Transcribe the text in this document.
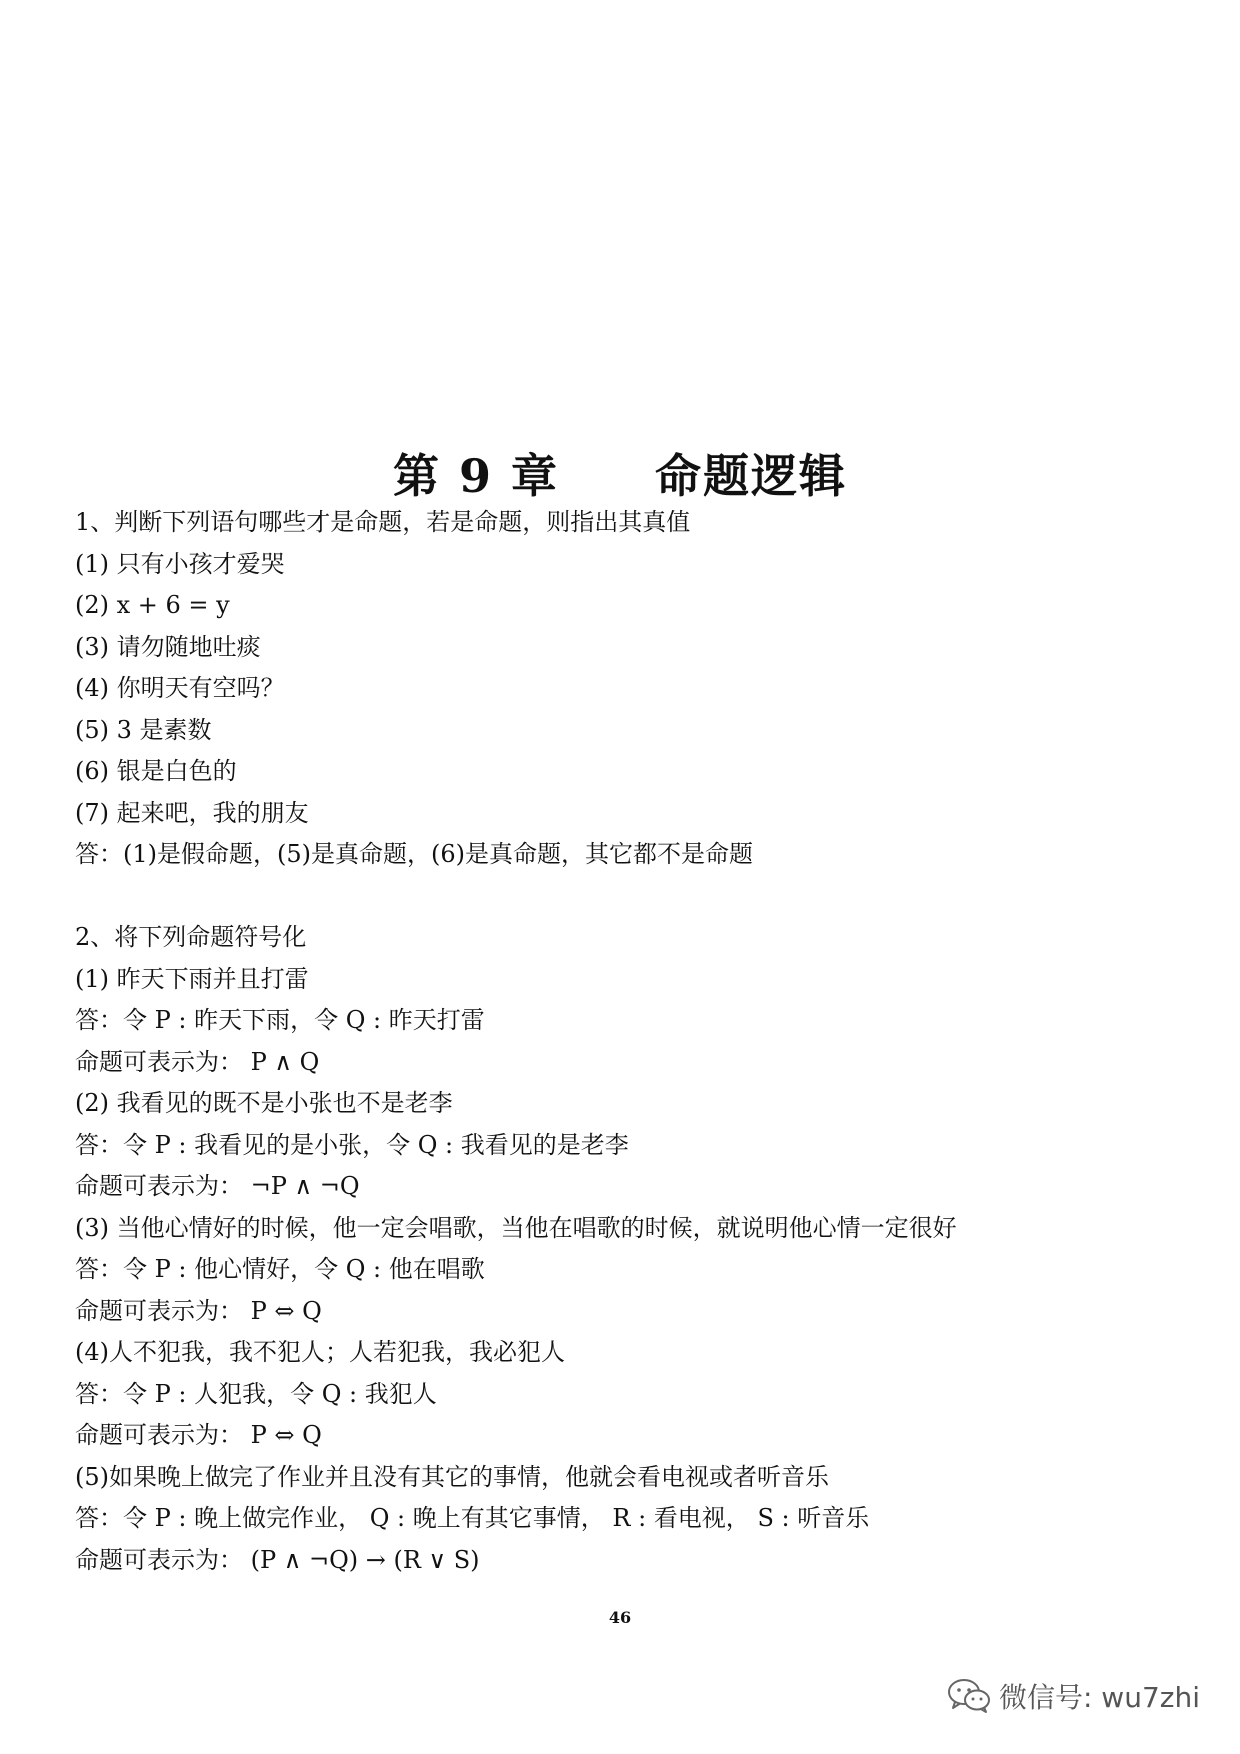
第 9 章 命题逻辑
1、判断下列语句哪些才是命题，若是命题，则指出其真值
(1) 只有小孩才爱哭
(2) x + 6 = y
(3) 请勿随地吐痰
(4) 你明天有空吗？
(5) 3 是素数
(6) 银是白色的
(7) 起来吧，我的朋友
答：(1)是假命题，(5)是真命题，(6)是真命题，其它都不是命题
2、将下列命题符号化
(1) 昨天下雨并且打雷
答：令 P : 昨天下雨，令 Q : 昨天打雷
命题可表示为： P ∧ Q
(2) 我看见的既不是小张也不是老李
答：令 P : 我看见的是小张，令 Q : 我看见的是老李
命题可表示为： ¬P ∧ ¬Q
(3) 当他心情好的时候，他一定会唱歌，当他在唱歌的时候，就说明他心情一定很好
答：令 P : 他心情好，令 Q : 他在唱歌
命题可表示为： P ⇔ Q
(4)人不犯我，我不犯人；人若犯我，我必犯人
答：令 P : 人犯我，令 Q : 我犯人
命题可表示为： P ⇔ Q
(5)如果晚上做完了作业并且没有其它的事情，他就会看电视或者听音乐
答：令 P : 晚上做完作业， Q : 晚上有其它事情， R : 看电视， S : 听音乐
命题可表示为： (P ∧ ¬Q) → (R ∨ S)
46
微信号: wu7zhi
